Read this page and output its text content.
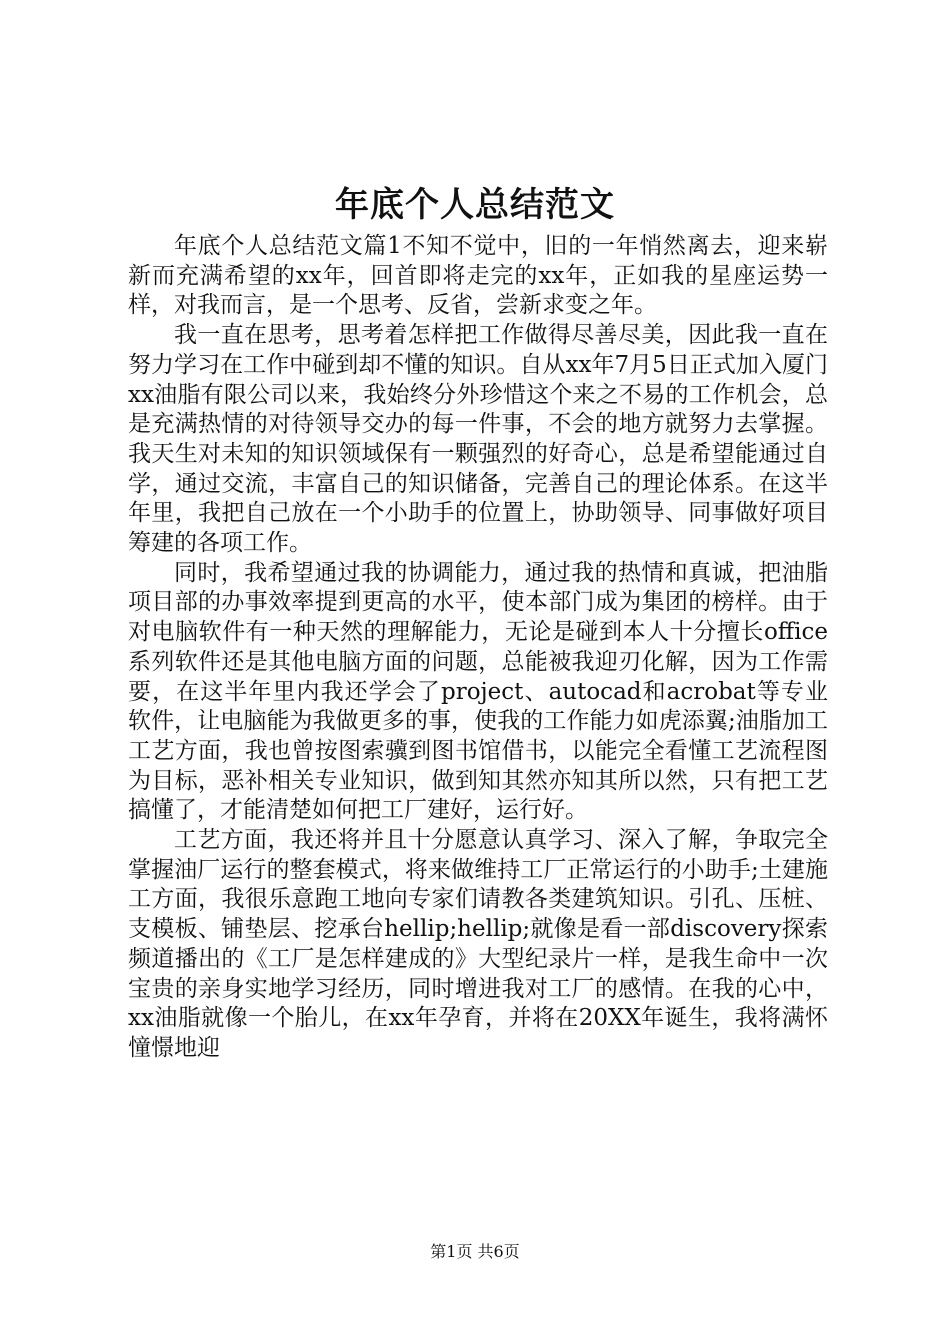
年底个人总结范文

年底个人总结范文篇1不知不觉中，旧的一年悄然离去，迎来崭新而充满希望的xx年，回首即将走完的xx年，正如我的星座运势一样，对我而言，是一个思考、反省，尝新求变之年。

我一直在思考，思考着怎样把工作做得尽善尽美，因此我一直在努力学习在工作中碰到却不懂的知识。自从xx年7月5日正式加入厦门xx油脂有限公司以来，我始终分外珍惜这个来之不易的工作机会，总是充满热情的对待领导交办的每一件事，不会的地方就努力去掌握。我天生对未知的知识领域保有一颗强烈的好奇心，总是希望能通过自学，通过交流，丰富自己的知识储备，完善自己的理论体系。在这半年里，我把自己放在一个小助手的位置上，协助领导、同事做好项目筹建的各项工作。

同时，我希望通过我的协调能力，通过我的热情和真诚，把油脂项目部的办事效率提到更高的水平，使本部门成为集团的榜样。由于对电脑软件有一种天然的理解能力，无论是碰到本人十分擅长office系列软件还是其他电脑方面的问题，总能被我迎刃化解，因为工作需要，在这半年里内我还学会了project、autocad和acrobat等专业软件，让电脑能为我做更多的事，使我的工作能力如虎添翼;油脂加工工艺方面，我也曾按图索骥到图书馆借书，以能完全看懂工艺流程图为目标，恶补相关专业知识，做到知其然亦知其所以然，只有把工艺搞懂了，才能清楚如何把工厂建好，运行好。

工艺方面，我还将并且十分愿意认真学习、深入了解，争取完全掌握油厂运行的整套模式，将来做维持工厂正常运行的小助手;土建施工方面，我很乐意跑工地向专家们请教各类建筑知识。引孔、压桩、支模板、铺垫层、挖承台hellip;hellip;就像是看一部discovery探索频道播出的《工厂是怎样建成的》大型纪录片一样，是我生命中一次宝贵的亲身实地学习经历，同时增进我对工厂的感情。在我的心中，xx油脂就像一个胎儿，在xx年孕育，并将在20XX年诞生，我将满怀憧憬地迎

第1页 共6页
